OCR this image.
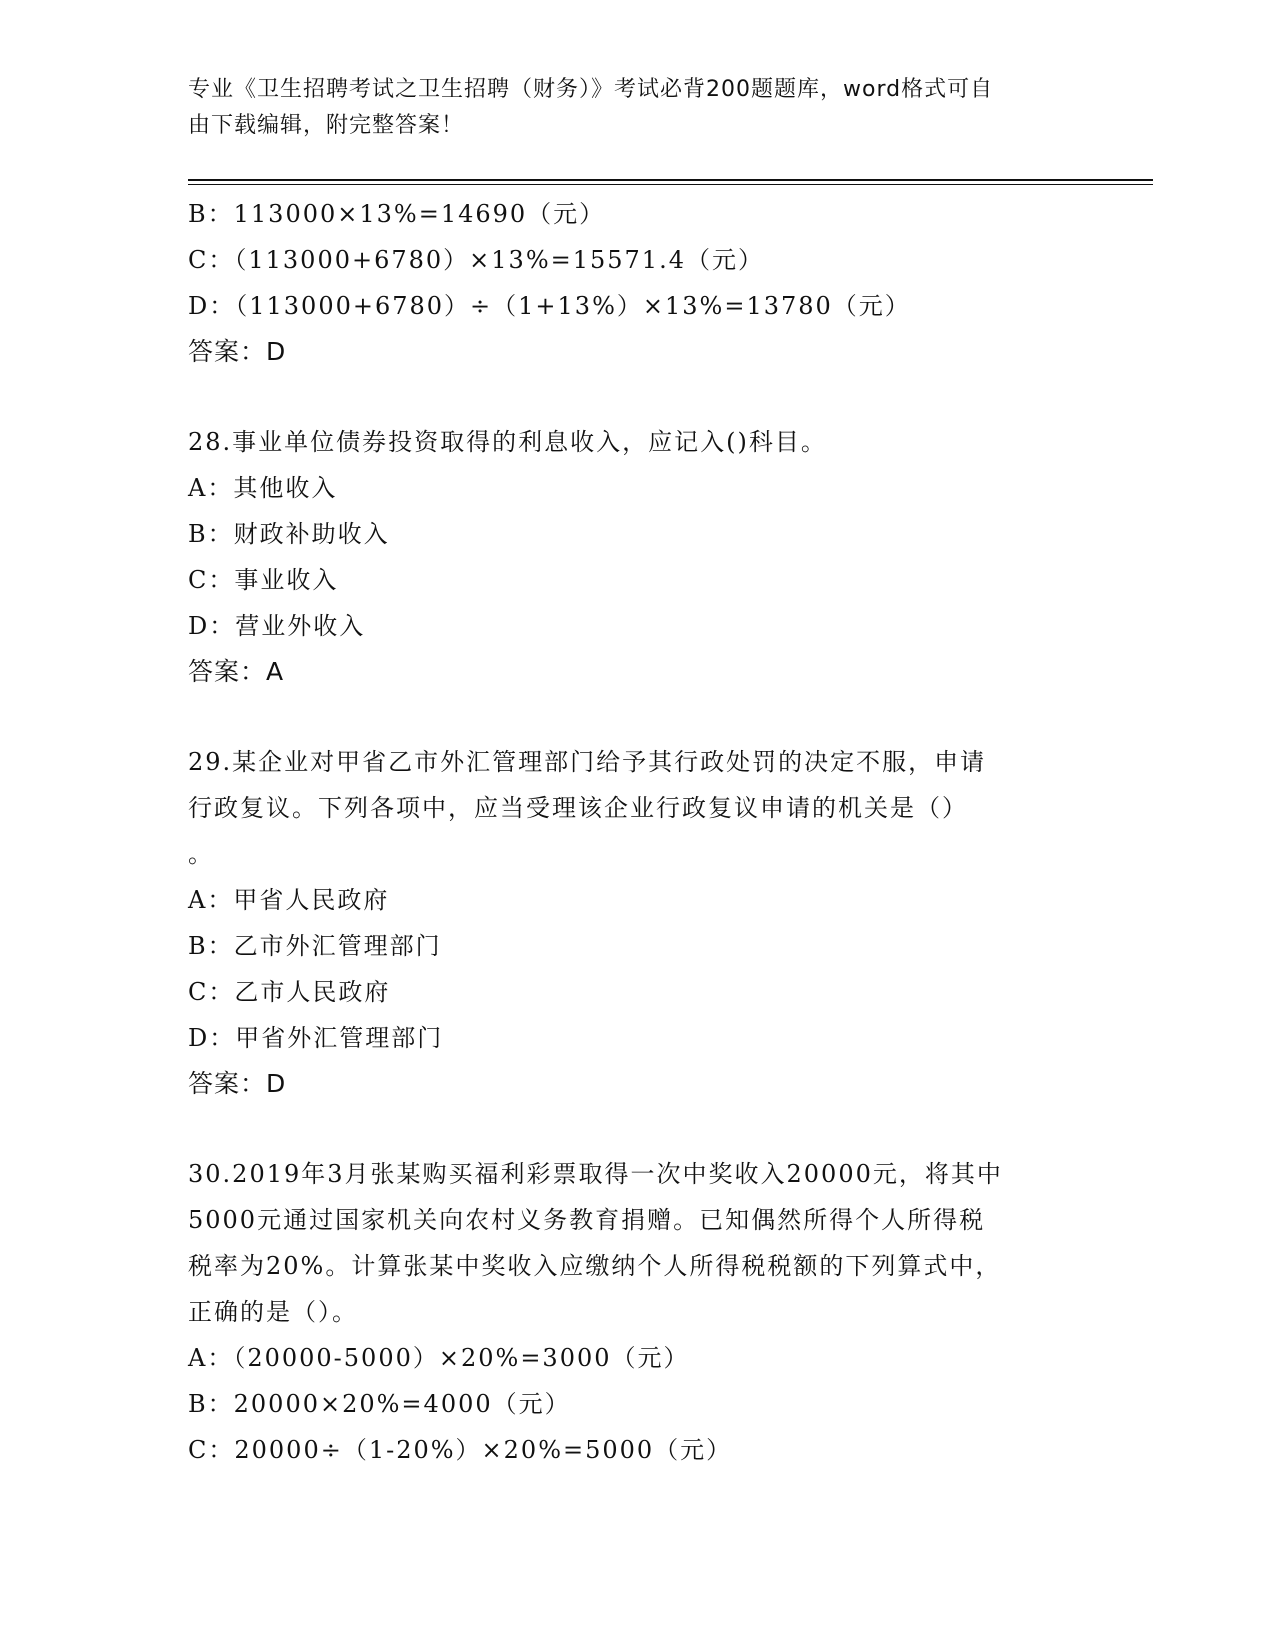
专业《卫生招聘考试之卫生招聘（财务）》考试必背200题题库，word格式可自
由下载编辑，附完整答案！
B：113000×13%=14690（元）
C：（113000+6780）×13%=15571.4（元）
D：（113000+6780）÷（1+13%）×13%=13780（元）
答案：D
28.事业单位债券投资取得的利息收入，应记入()科目。
A：其他收入
B：财政补助收入
C：事业收入
D：营业外收入
答案：A
29.某企业对甲省乙市外汇管理部门给予其行政处罚的决定不服，申请
行政复议。下列各项中，应当受理该企业行政复议申请的机关是（）
。
A：甲省人民政府
B：乙市外汇管理部门
C：乙市人民政府
D：甲省外汇管理部门
答案：D
30.2019年3月张某购买福利彩票取得一次中奖收入20000元，将其中
5000元通过国家机关向农村义务教育捐赠。已知偶然所得个人所得税
税率为20%。计算张某中奖收入应缴纳个人所得税税额的下列算式中，
正确的是（）。
A：（20000-5000）×20%=3000（元）
B：20000×20%=4000（元）
C：20000÷（1-20%）×20%=5000（元）
